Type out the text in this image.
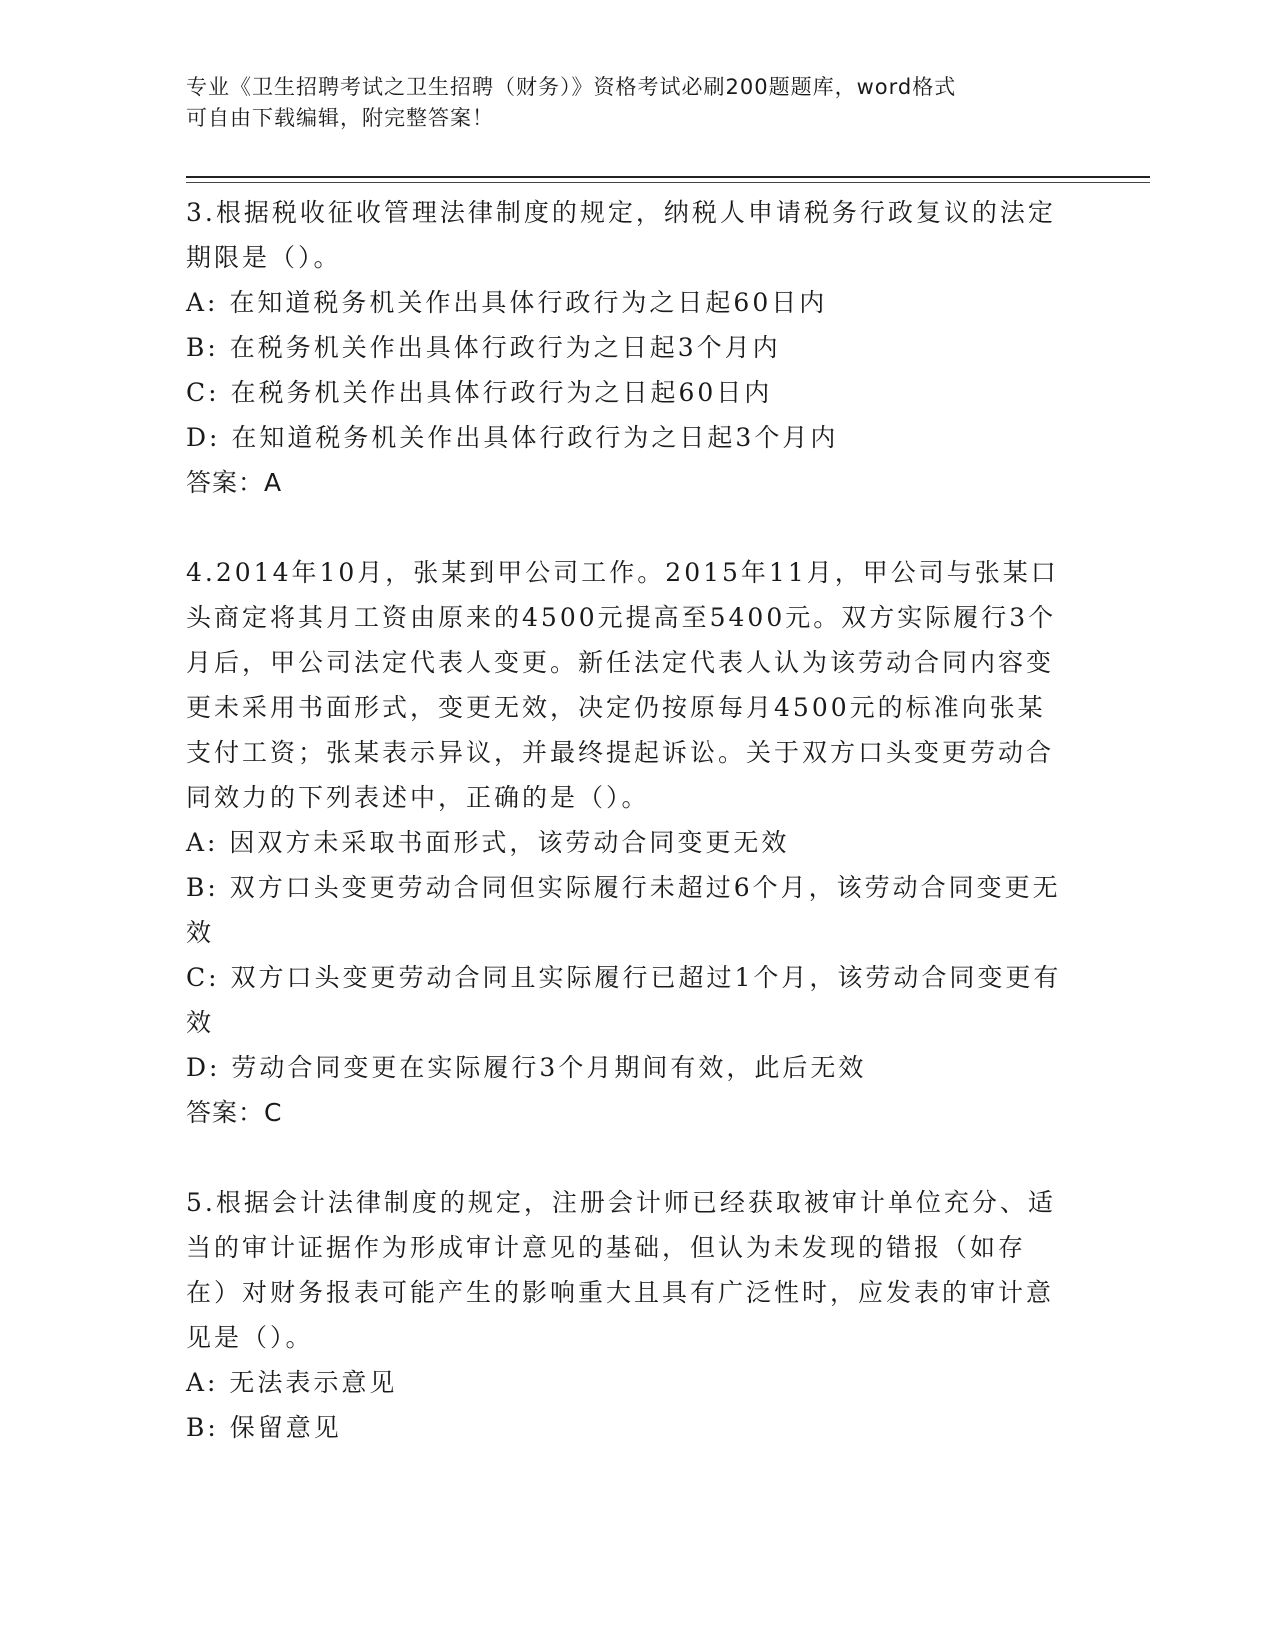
专业《卫生招聘考试之卫生招聘（财务）》资格考试必刷200题题库，word格式
可自由下载编辑，附完整答案！

3.根据税收征收管理法律制度的规定，纳税人申请税务行政复议的法定期限是（）。

A: 在知道税务机关作出具体行政行为之日起60日内

B: 在税务机关作出具体行政行为之日起3个月内

C: 在税务机关作出具体行政行为之日起60日内

D: 在知道税务机关作出具体行政行为之日起3个月内

答案：A

4.2014年10月，张某到甲公司工作。2015年11月，甲公司与张某口头商定将其月工资由原来的4500元提高至5400元。双方实际履行3个月后，甲公司法定代表人变更。新任法定代表人认为该劳动合同内容变更未采用书面形式，变更无效，决定仍按原每月4500元的标准向张某支付工资；张某表示异议，并最终提起诉讼。关于双方口头变更劳动合同效力的下列表述中，正确的是（）。

A: 因双方未采取书面形式，该劳动合同变更无效

B: 双方口头变更劳动合同但实际履行未超过6个月，该劳动合同变更无效

C: 双方口头变更劳动合同且实际履行已超过1个月，该劳动合同变更有效

D: 劳动合同变更在实际履行3个月期间有效，此后无效

答案：C

5.根据会计法律制度的规定，注册会计师已经获取被审计单位充分、适当的审计证据作为形成审计意见的基础，但认为未发现的错报（如存在）对财务报表可能产生的影响重大且具有广泛性时，应发表的审计意见是（）。

A: 无法表示意见

B: 保留意见
